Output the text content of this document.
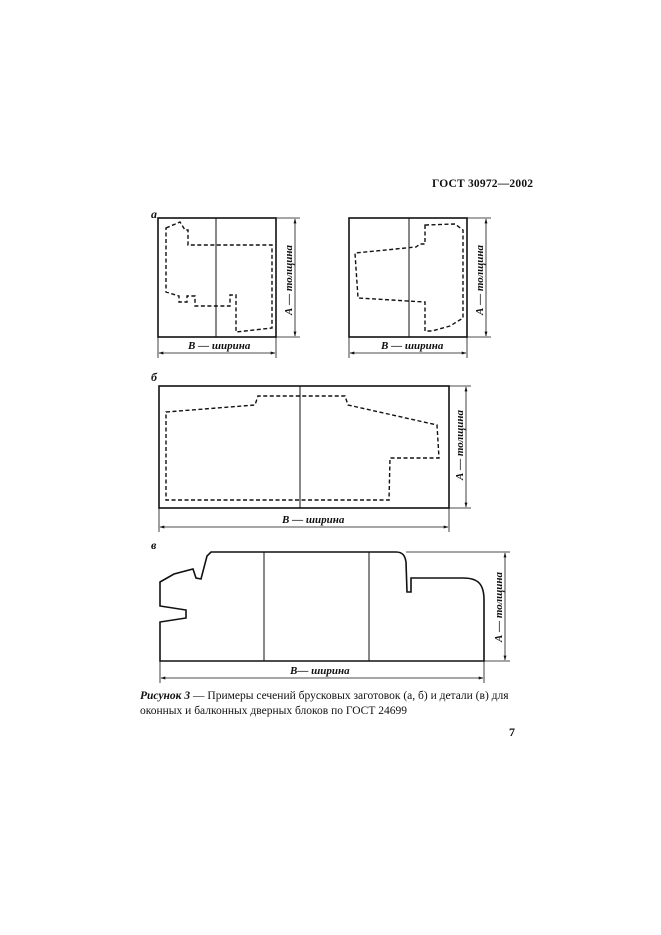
ГОСТ 30972—2002
а
б
в
В — ширина
А — толщина
В — ширина
А — толщина
В — ширина
А — толщина
В— ширина
А — толщина
Рисунок 3 — Примеры сечений брусковых заготовок (а, б) и детали (в) для оконных и балконных дверных блоков по ГОСТ 24699
7
